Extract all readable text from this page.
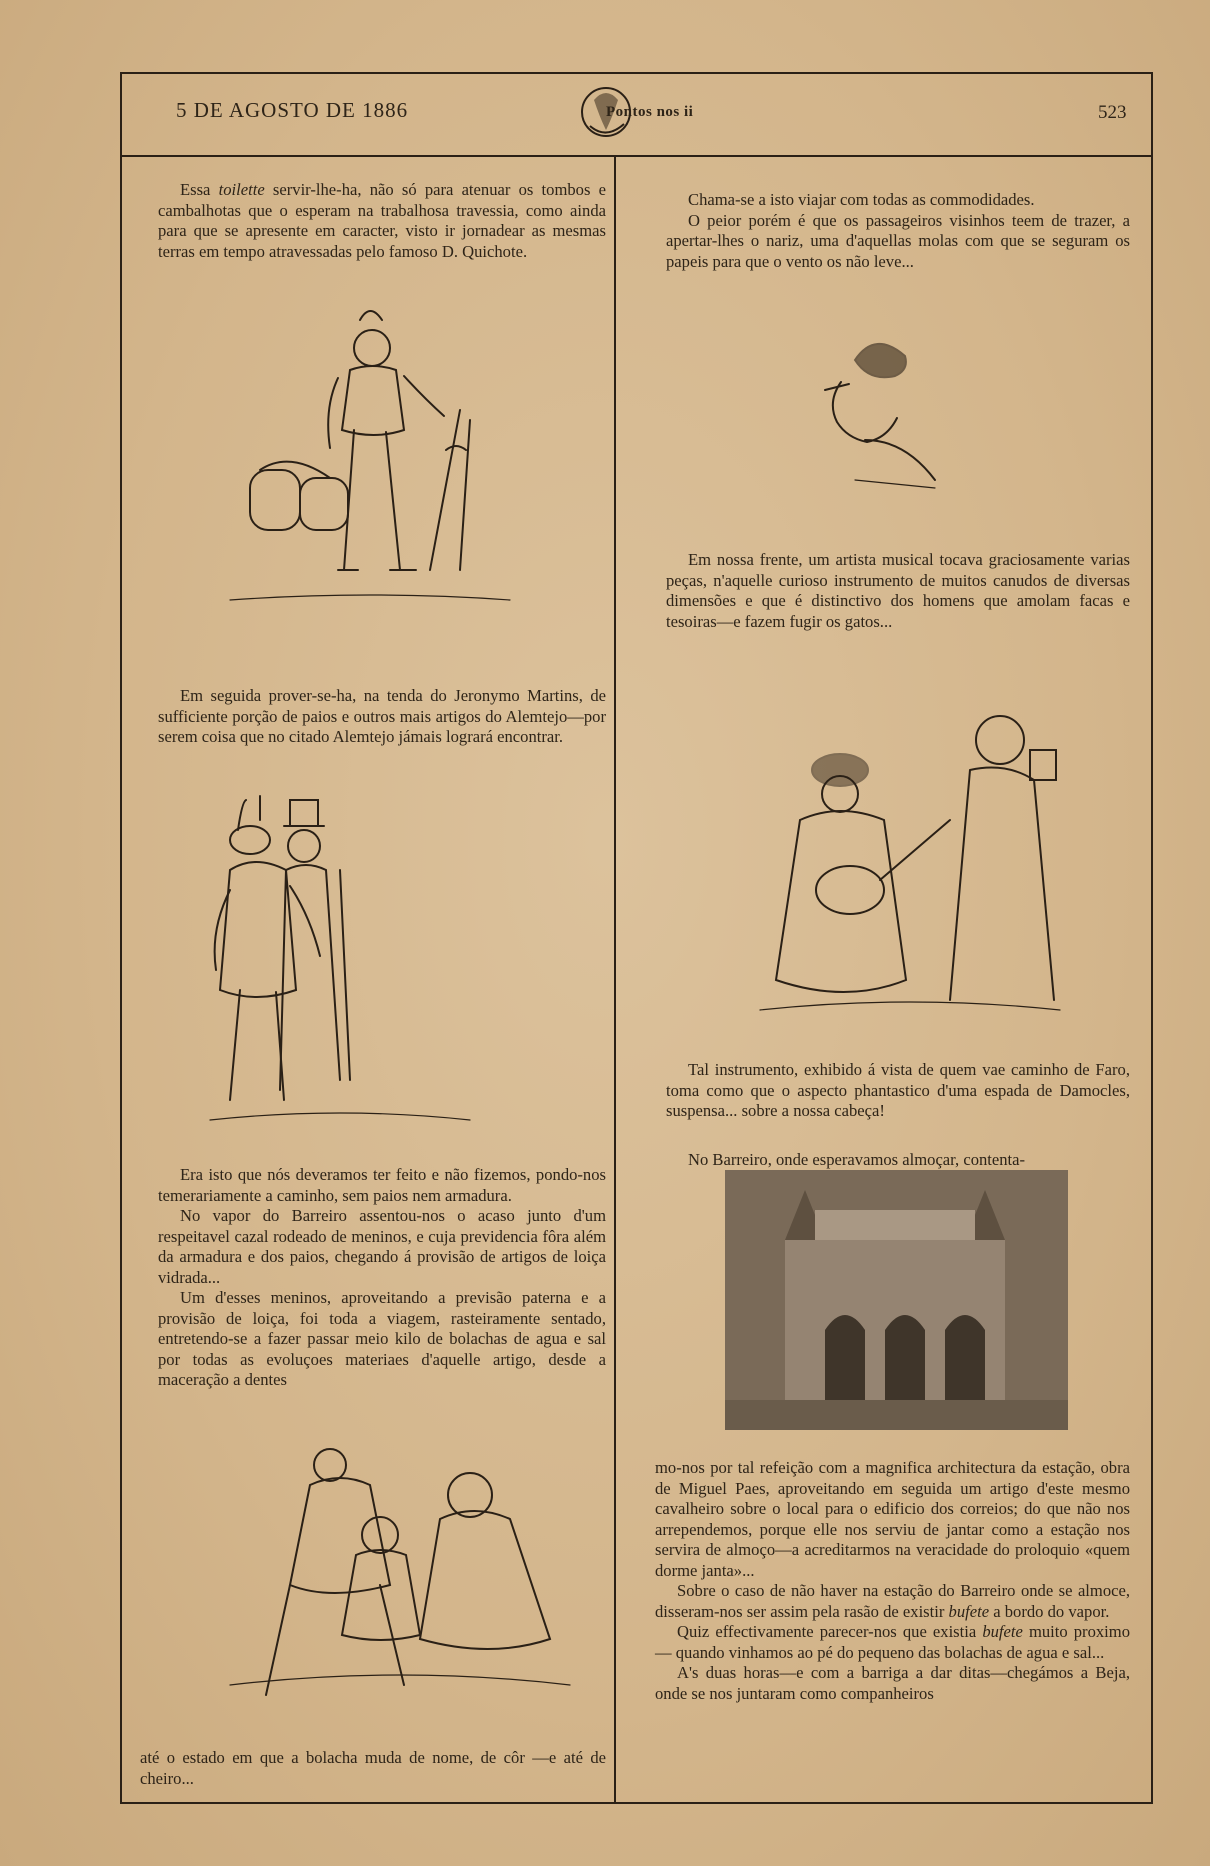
5 DE AGOSTO DE 1886	Pontos nos ii	523

Essa toilette servir-lhe-ha, não só para atenuar os tombos e cambalhotas que o esperam na trabalhosa travessia, como ainda para que se apresente em caracter, visto ir jornadear as mesmas terras em tempo atravessadas pelo famoso D. Quichote.

Em seguida prover-se-ha, na tenda do Jeronymo Martins, de sufficiente porção de paios e outros mais artigos do Alemtejo—por serem coisa que no citado Alemtejo jámais logrará encontrar.

Era isto que nós deveramos ter feito e não fizemos, pondo-nos temerariamente a caminho, sem paios nem armadura.

No vapor do Barreiro assentou-nos o acaso junto d'um respeitavel cazal rodeado de meninos, e cuja previdencia fôra além da armadura e dos paios, chegando á provisão de artigos de loiça vidrada...

Um d'esses meninos, aproveitando a previsão paterna e a provisão de loiça, foi toda a viagem, rasteiramente sentado, entretendo-se a fazer passar meio kilo de bolachas de agua e sal por todas as evoluçoes materiaes d'aquelle artigo, desde a maceração a dentes

até o estado em que a bolacha muda de nome, de côr —e até de cheiro...

Chama-se a isto viajar com todas as commodidades.

O peior porém é que os passageiros visinhos teem de trazer, a apertar-lhes o nariz, uma d'aquellas molas com que se seguram os papeis para que o vento os não leve...

Em nossa frente, um artista musical tocava graciosamente varias peças, n'aquelle curioso instrumento de muitos canudos de diversas dimensões e que é distinctivo dos homens que amolam facas e tesoiras—e fazem fugir os gatos...

Tal instrumento, exhibido á vista de quem vae caminho de Faro, toma como que o aspecto phantastico d'uma espada de Damocles, suspensa... sobre a nossa cabeça!

No Barreiro, onde esperavamos almoçar, contenta-

mo-nos por tal refeição com a magnifica architectura da estação, obra de Miguel Paes, aproveitando em seguida um artigo d'este mesmo cavalheiro sobre o local para o edificio dos correios; do que não nos arrependemos, porque elle nos serviu de jantar como a estação nos servira de almoço—a acreditarmos na veracidade do proloquio «quem dorme janta»...

Sobre o caso de não haver na estação do Barreiro onde se almoce, disseram-nos ser assim pela rasão de existir bufete a bordo do vapor.

Quiz effectivamente parecer-nos que existia bufete muito proximo — quando vinhamos ao pé do pequeno das bolachas de agua e sal...

A's duas horas—e com a barriga a dar ditas—chegámos a Beja, onde se nos juntaram como companheiros
